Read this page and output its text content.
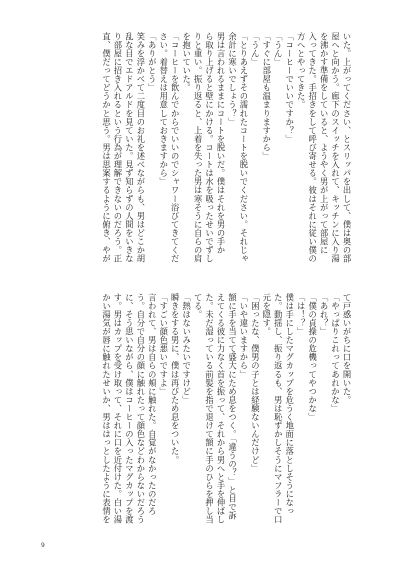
いた。上がってください、とスリッパを出して、僕は奥の部
屋へと向かう。廊下のスイッチを入れて、キッチンに入り湯
を沸かす準備をしていると、ようやく男が上がって部屋に
入ってきた。手招きをして呼び寄せる。彼はそれに従い僕の
方へとやってきた。
「コーヒーでいいですか？」
「うん」
「すぐに部屋も温まりますから」
「うん」
「とりあえずその濡れたコートを脱いでください。それじゃ
余計に寒いでしょう？」
男は言われるままにコートを脱いだ。僕はそれを男の手か
ら取り上げると壁にかける。コートは水を吸ったせいでずし
りと重い。振り返ると、上着を失った男は寒そうに自らの肩
を抱いていた。
「コーヒーを飲んでからでいいのでシャワー浴びてきてくだ
さい。着替えは用意しておきますから」
「ありがとう」
笑みを浮かべて二度目のお礼を述べながらも、男はどこか胡
乱な目でエドアルドを見ていた。見ず知らずの人間をいきな
り部屋に招き入れるという行為が理解できないのだろう。正
直、僕だってどうかと思う。男は思案するように俯き、やが
て戸惑いがちに口を開いた。
「やっぱりこれってあれかな」
「あれ？」
「僕の貞操の危機ってやつかな」
「は！？」
僕は手にしたマグカップを危うく地面に落としそうになっ
た。動揺し、振り返るも、男は恥ずかしそうにマフラーで口
元を隠す。
「困ったな、僕男の子とは経験ないんだけど」
「いや違いますから」
額に手を当てて盛大にため息をつく。「違うの？」と目で訴
えてくる彼に力なく首を振って、それから男へと手を伸ばし
た。未だ湿っている前髪を指で退けて額に手のひらを押し当
てる。
「熱はないみたいですけど」
瞬きをする男に、僕は再びため息をついた。
「すごい顔色悪いですよ」
言われて、男は自らの頬に触れた。自覚がなかったのだろ
う。自分で自分の顔に触れたって顔色などわからないだろう
に、そう思いながら、僕はコーヒーの入ったマグカップを渡
す。男はカップを受け取って、それに口を近付けた。白い湯
かい湯気が唇に触れたせいか、男ははっとしたように表情を
9
